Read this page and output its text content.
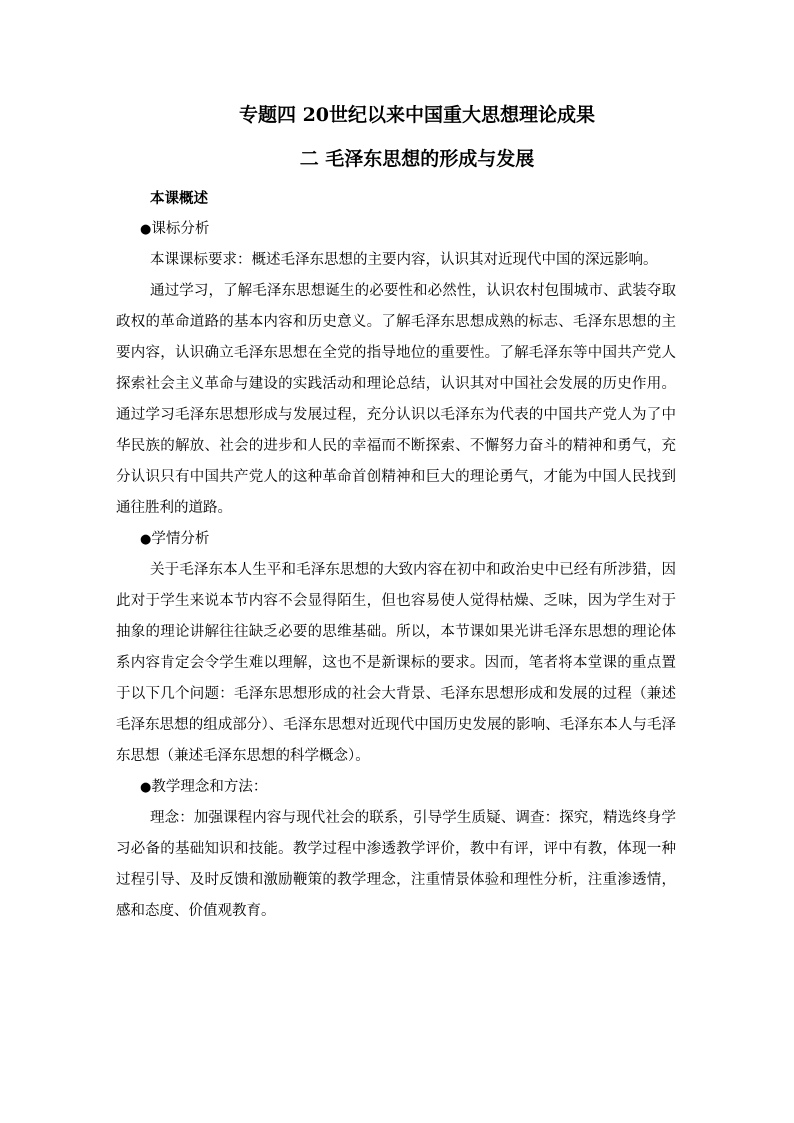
专题四 20世纪以来中国重大思想理论成果
二 毛泽东思想的形成与发展

本课概述

●课标分析

本课课标要求：概述毛泽东思想的主要内容，认识其对近现代中国的深远影响。

通过学习，了解毛泽东思想诞生的必要性和必然性，认识农村包围城市、武装夺取政权的革命道路的基本内容和历史意义。了解毛泽东思想成熟的标志、毛泽东思想的主要内容，认识确立毛泽东思想在全党的指导地位的重要性。了解毛泽东等中国共产党人探索社会主义革命与建设的实践活动和理论总结，认识其对中国社会发展的历史作用。通过学习毛泽东思想形成与发展过程，充分认识以毛泽东为代表的中国共产党人为了中华民族的解放、社会的进步和人民的幸福而不断探索、不懈努力奋斗的精神和勇气，充分认识只有中国共产党人的这种革命首创精神和巨大的理论勇气，才能为中国人民找到通往胜利的道路。

●学情分析

关于毛泽东本人生平和毛泽东思想的大致内容在初中和政治史中已经有所涉猎，因此对于学生来说本节内容不会显得陌生，但也容易使人觉得枯燥、乏味，因为学生对于抽象的理论讲解往往缺乏必要的思维基础。所以，本节课如果光讲毛泽东思想的理论体系内容肯定会令学生难以理解，这也不是新课标的要求。因而，笔者将本堂课的重点置于以下几个问题：毛泽东思想形成的社会大背景、毛泽东思想形成和发展的过程（兼述毛泽东思想的组成部分）、毛泽东思想对近现代中国历史发展的影响、毛泽东本人与毛泽东思想（兼述毛泽东思想的科学概念）。

●教学理念和方法：

理念：加强课程内容与现代社会的联系，引导学生质疑、调查：探究，精选终身学习必备的基础知识和技能。教学过程中渗透教学评价，教中有评，评中有教，体现一种过程引导、及时反馈和激励鞭策的教学理念，注重情景体验和理性分析，注重渗透情，感和态度、价值观教育。
